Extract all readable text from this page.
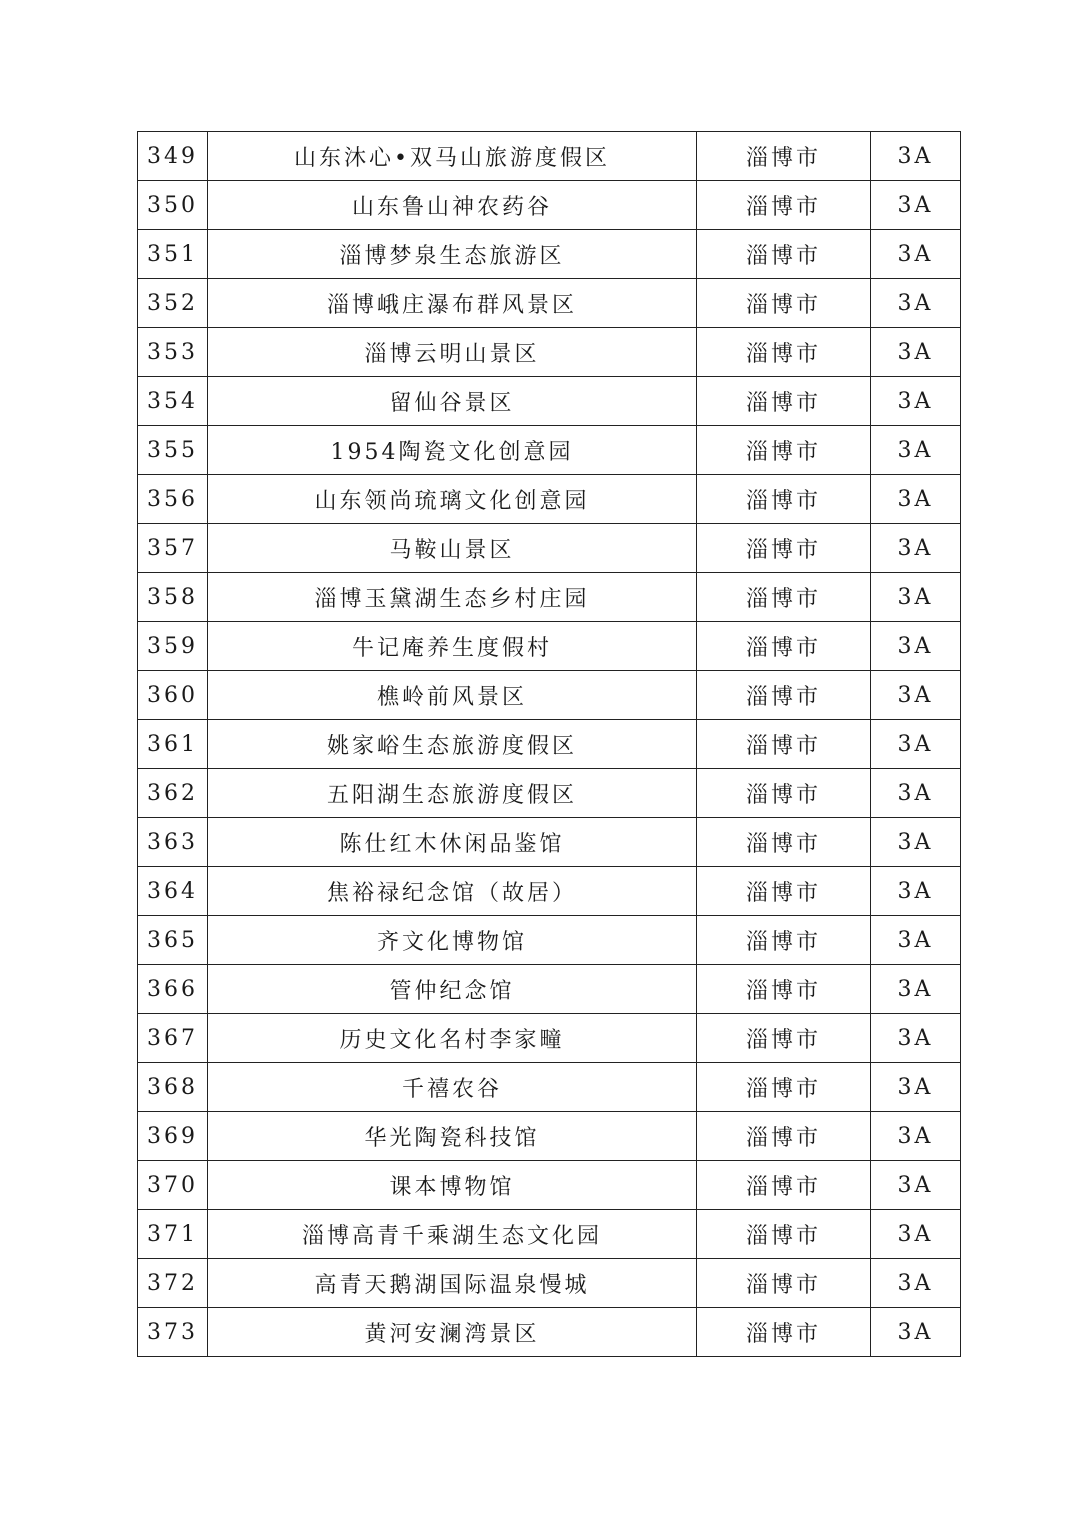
349	山东沐心•双马山旅游度假区	淄博市	3A
350	山东鲁山神农药谷	淄博市	3A
351	淄博梦泉生态旅游区	淄博市	3A
352	淄博峨庄瀑布群风景区	淄博市	3A
353	淄博云明山景区	淄博市	3A
354	留仙谷景区	淄博市	3A
355	1954陶瓷文化创意园	淄博市	3A
356	山东领尚琉璃文化创意园	淄博市	3A
357	马鞍山景区	淄博市	3A
358	淄博玉黛湖生态乡村庄园	淄博市	3A
359	牛记庵养生度假村	淄博市	3A
360	樵岭前风景区	淄博市	3A
361	姚家峪生态旅游度假区	淄博市	3A
362	五阳湖生态旅游度假区	淄博市	3A
363	陈仕红木休闲品鉴馆	淄博市	3A
364	焦裕禄纪念馆（故居）	淄博市	3A
365	齐文化博物馆	淄博市	3A
366	管仲纪念馆	淄博市	3A
367	历史文化名村李家疃	淄博市	3A
368	千禧农谷	淄博市	3A
369	华光陶瓷科技馆	淄博市	3A
370	课本博物馆	淄博市	3A
371	淄博高青千乘湖生态文化园	淄博市	3A
372	高青天鹅湖国际温泉慢城	淄博市	3A
373	黄河安澜湾景区	淄博市	3A
